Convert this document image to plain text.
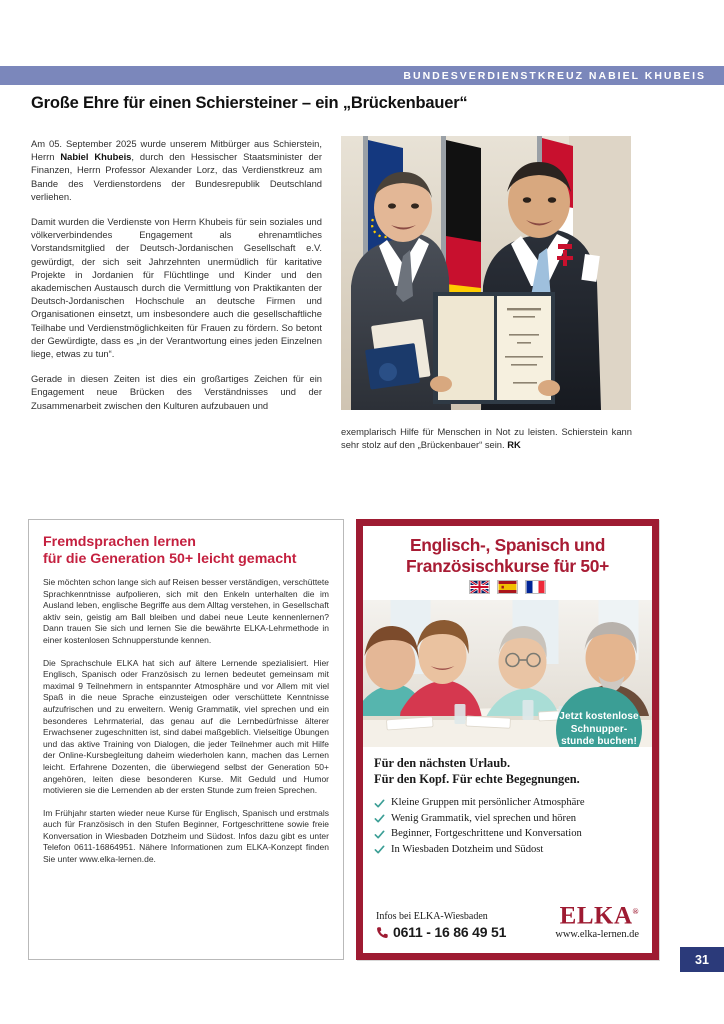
BUNDESVERDIENSTKREUZ NABIEL KHUBEIS
Große Ehre für einen Schiersteiner – ein „Brückenbauer“

Am 05. September 2025 wurde unserem Mitbürger aus Schierstein, Herrn Nabiel Khubeis, durch den Hessischer Staatsminister der Finanzen, Herrn Professor Alexander Lorz, das Verdienstkreuz am Bande des Verdienstordens der Bundesrepublik Deutschland verliehen.

Damit wurden die Verdienste von Herrn Khubeis für sein soziales und völkerverbindendes Engagement als ehrenamtliches Vorstandsmitglied der Deutsch-Jordanischen Gesellschaft e.V. gewürdigt, der sich seit Jahrzehnten unermüdlich für karitative Projekte in Jordanien für Flüchtlinge und Kinder und den akademischen Austausch durch die Vermittlung von Praktikanten der Deutsch-Jordanischen Hochschule an deutsche Firmen und Organisationen einsetzt, um insbesondere auch die gesellschaftliche Teilhabe und Verdienstmöglichkeiten für Frauen zu fördern. So betont der Gewürdigte, dass es „in der Verantwortung eines jeden Einzelnen liege, etwas zu tun“.

Gerade in diesen Zeiten ist dies ein großartiges Zeichen für ein Engagement neue Brücken des Verständnisses und der Zusammenarbeit zwischen den Kulturen aufzubauen und

exemplarisch Hilfe für Menschen in Not zu leisten. Schierstein kann sehr stolz auf den „Brückenbauer“ sein. RK

Fremdsprachen lernen
für die Generation 50+ leicht gemacht

Sie möchten schon lange sich auf Reisen besser verständigen, verschüttete Sprachkenntnisse aufpolieren, sich mit den Enkeln unterhalten die im Ausland leben, englische Begriffe aus dem Alltag verstehen, in Gesellschaft aktiv sein, geistig am Ball bleiben und dabei neue Leute kennenlernen? Dann trauen Sie sich und lernen Sie die bewährte ELKA-Lehrmethode in einer kostenlosen Schnupperstunde kennen.

Die Sprachschule ELKA hat sich auf ältere Lernende spezialisiert. Hier Englisch, Spanisch oder Französisch zu lernen bedeutet gemeinsam mit maximal 9 Teilnehmern in entspannter Atmosphäre und vor Allem mit viel Spaß in die neue Sprache einzusteigen oder verschüttete Kenntnisse aufzufrischen und zu erweitern. Wenig Grammatik, viel sprechen und ein besonderes Lehrmaterial, das genau auf die Lernbedürfnisse älterer Erwachsener zugeschnitten ist, sind dabei maßgeblich. Vielseitige Übungen und das aktive Training von Dialogen, die jeder Teilnehmer auch mit Hilfe der Online-Kursbegleitung daheim wiederholen kann, machen das Lernen leicht. Erfahrene Dozenten, die überwiegend selbst der Generation 50+ angehören, leiten diese besonderen Kurse. Mit Geduld und Humor motivieren sie die Lernenden ab der ersten Stunde zum freien Sprechen.

Im Frühjahr starten wieder neue Kurse für Englisch, Spanisch und erstmals auch für Französisch in den Stufen Beginner, Fortgeschrittene sowie freie Konversation in Wiesbaden Dotzheim und Südost. Infos dazu gibt es unter Telefon 0611-16864951. Nähere Informationen zum ELKA-Konzept finden Sie unter www.elka-lernen.de.

Englisch-, Spanisch und
Französischkurse für 50+
Jetzt kostenlose Schnupper- stunde buchen!
Für den nächsten Urlaub.
Für den Kopf. Für echte Begegnungen.
Kleine Gruppen mit persönlicher Atmosphäre
Wenig Grammatik, viel sprechen und hören
Beginner, Fortgeschrittene und Konversation
In Wiesbaden Dotzheim und Südost
Infos bei ELKA-Wiesbaden
0611 - 16 86 49 51
ELKA®
www.elka-lernen.de
31
